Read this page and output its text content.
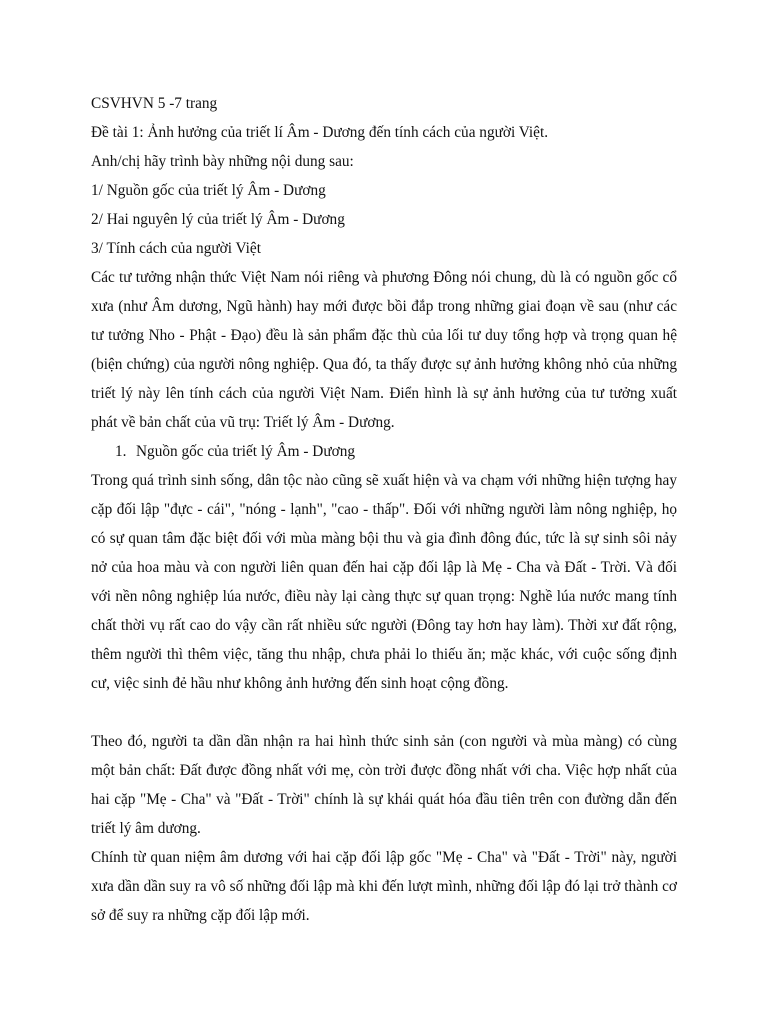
CSVHVN 5 -7 trang
Đề tài 1: Ảnh hưởng của triết lí Âm - Dương đến tính cách của người Việt.
Anh/chị hãy trình bày những nội dung sau:
1/ Nguồn gốc của triết lý Âm - Dương
2/ Hai nguyên lý của triết lý Âm - Dương
3/ Tính cách của người Việt
Các tư tưởng nhận thức Việt Nam nói riêng và phương Đông nói chung, dù là có nguồn gốc cổ xưa (như Âm dương, Ngũ hành) hay mới được bồi đắp trong những giai đoạn về sau (như các tư tưởng Nho - Phật - Đạo) đều là sản phẩm đặc thù của lối tư duy tổng hợp và trọng quan hệ (biện chứng) của người nông nghiệp. Qua đó, ta thấy được sự ảnh hưởng không nhỏ của những triết lý này lên tính cách của người Việt Nam. Điển hình là sự ảnh hưởng của tư tưởng xuất phát về bản chất của vũ trụ: Triết lý Âm - Dương.
1. Nguồn gốc của triết lý Âm - Dương
Trong quá trình sinh sống, dân tộc nào cũng sẽ xuất hiện và va chạm với những hiện tượng hay cặp đối lập "đực - cái", "nóng - lạnh", "cao - thấp". Đối với những người làm nông nghiệp, họ có sự quan tâm đặc biệt đối với mùa màng bội thu và gia đình đông đúc, tức là sự sinh sôi nảy nở của hoa màu và con người liên quan đến hai cặp đối lập là Mẹ - Cha và Đất - Trời. Và đối với nền nông nghiệp lúa nước, điều này lại càng thực sự quan trọng: Nghề lúa nước mang tính chất thời vụ rất cao do vậy cần rất nhiều sức người (Đông tay hơn hay làm). Thời xư đất rộng, thêm người thì thêm việc, tăng thu nhập, chưa phải lo thiếu ăn; mặc khác, với cuộc sống định cư, việc sinh đẻ hầu như không ảnh hưởng đến sinh hoạt cộng đồng.
Theo đó, người ta dần dần nhận ra hai hình thức sinh sản (con người và mùa màng) có cùng một bản chất: Đất được đồng nhất với mẹ, còn trời được đồng nhất với cha. Việc hợp nhất của hai cặp "Mẹ - Cha" và "Đất - Trời" chính là sự khái quát hóa đầu tiên trên con đường dẫn đến triết lý âm dương.
Chính từ quan niệm âm dương với hai cặp đối lập gốc "Mẹ - Cha" và "Đất - Trời" này, người xưa dần dần suy ra vô số những đối lập mà khi đến lượt mình, những đối lập đó lại trở thành cơ sở để suy ra những cặp đối lập mới.
